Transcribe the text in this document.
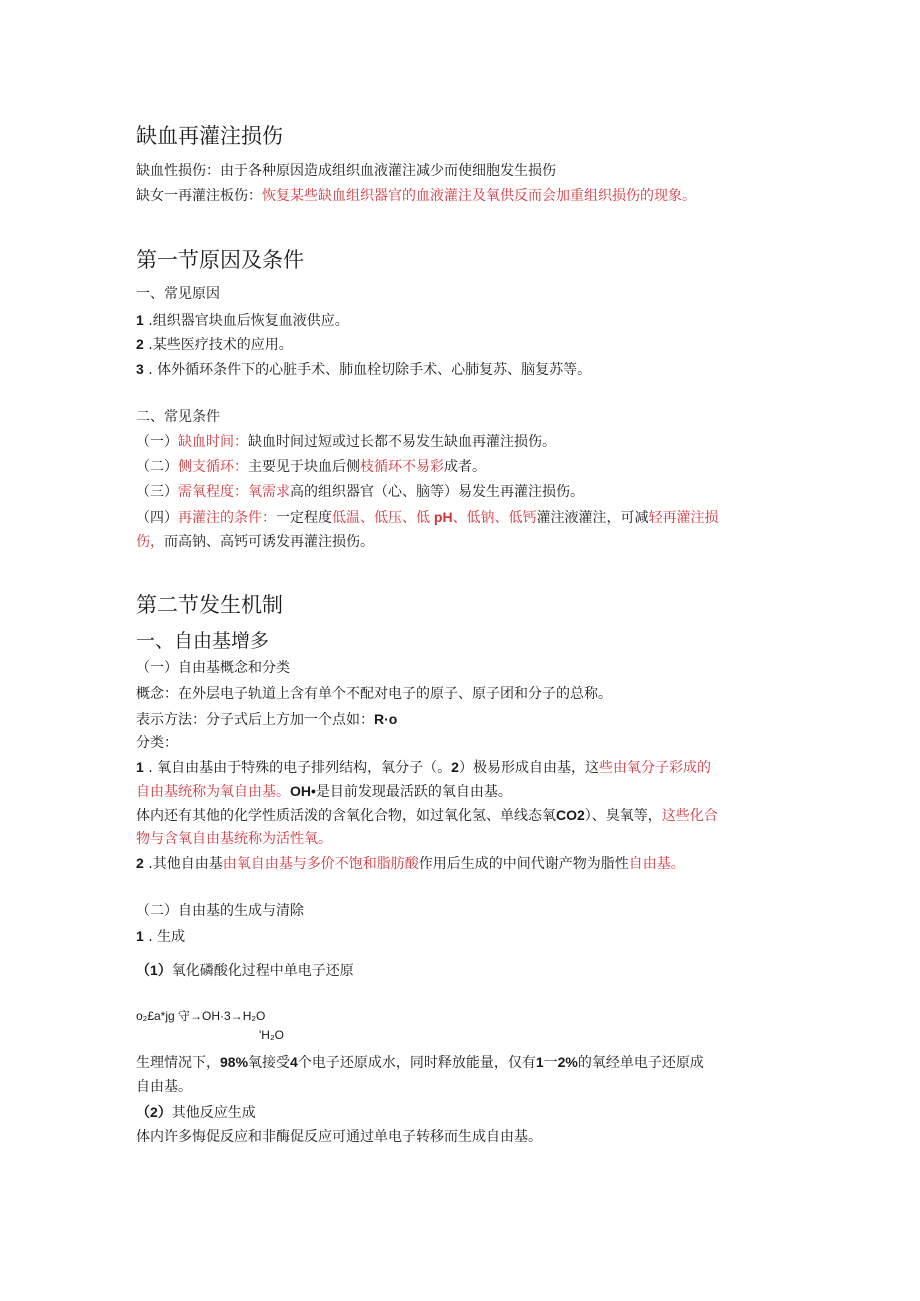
缺血再灌注损伤
缺血性损伤：由于各种原因造成组织血液灌注减少而使细胞发生损伤
缺女一再灌注板伤：恢复某些缺血组织器官的血液灌注及氧供反而会加重组织损伤的现象。
第一节原因及条件
一、常见原因
1 .组织器官块血后恢复血液供应。
2 .某些医疗技术的应用。
3 . 体外循环条件下的心脏手术、肺血栓切除手术、心肺复苏、脑复苏等。
二、常见条件
（一）缺血时间：缺血时间过短或过长都不易发生缺血再灌注损伤。
（二）侧支循环：主要见于块血后侧枝循环不易彩成者。
（三）需氧程度：氧需求高的组织器官（心、脑等）易发生再灌注损伤。
（四）再灌注的条件：一定程度低温、低压、低 pH、低钠、低钙灌注液灌注，可减轻再灌注损
伤，而高钠、高钙可诱发再灌注损伤。
第二节发生机制
一、自由基增多
（一）自由基概念和分类
概念：在外层电子轨道上含有单个不配对电子的原子、原子团和分子的总称。
表示方法：分子式后上方加一个点如：R·o
分类：
1 . 氧自由基由于特殊的电子排列结构，氧分子（。2）极易形成自由基，这些由氧分子彩成的
自由基统称为氧自由基。OH•是目前发现最活跃的氧自由基。
体内还有其他的化学性质活泼的含氧化合物，如过氧化氢、单线态氧CO2）、臭氧等，这些化合
物与含氧自由基统称为活性氧。
2 .其他自由基由氧自由基与多价不饱和脂肪酸作用后生成的中间代谢产物为脂性自由基。
（二）自由基的生成与清除
1 . 生成
（1）氧化磷酸化过程中单电子还原
o₂£a*jg 守→OH·3→H₂O
'H₂O
生理情况下，98%氧接受4个电子还原成水，同时释放能量，仅有1一2%的氧经单电子还原成
自由基。
（2）其他反应生成
体内许多悔促反应和非酶促反应可通过单电子转移而生成自由基。
